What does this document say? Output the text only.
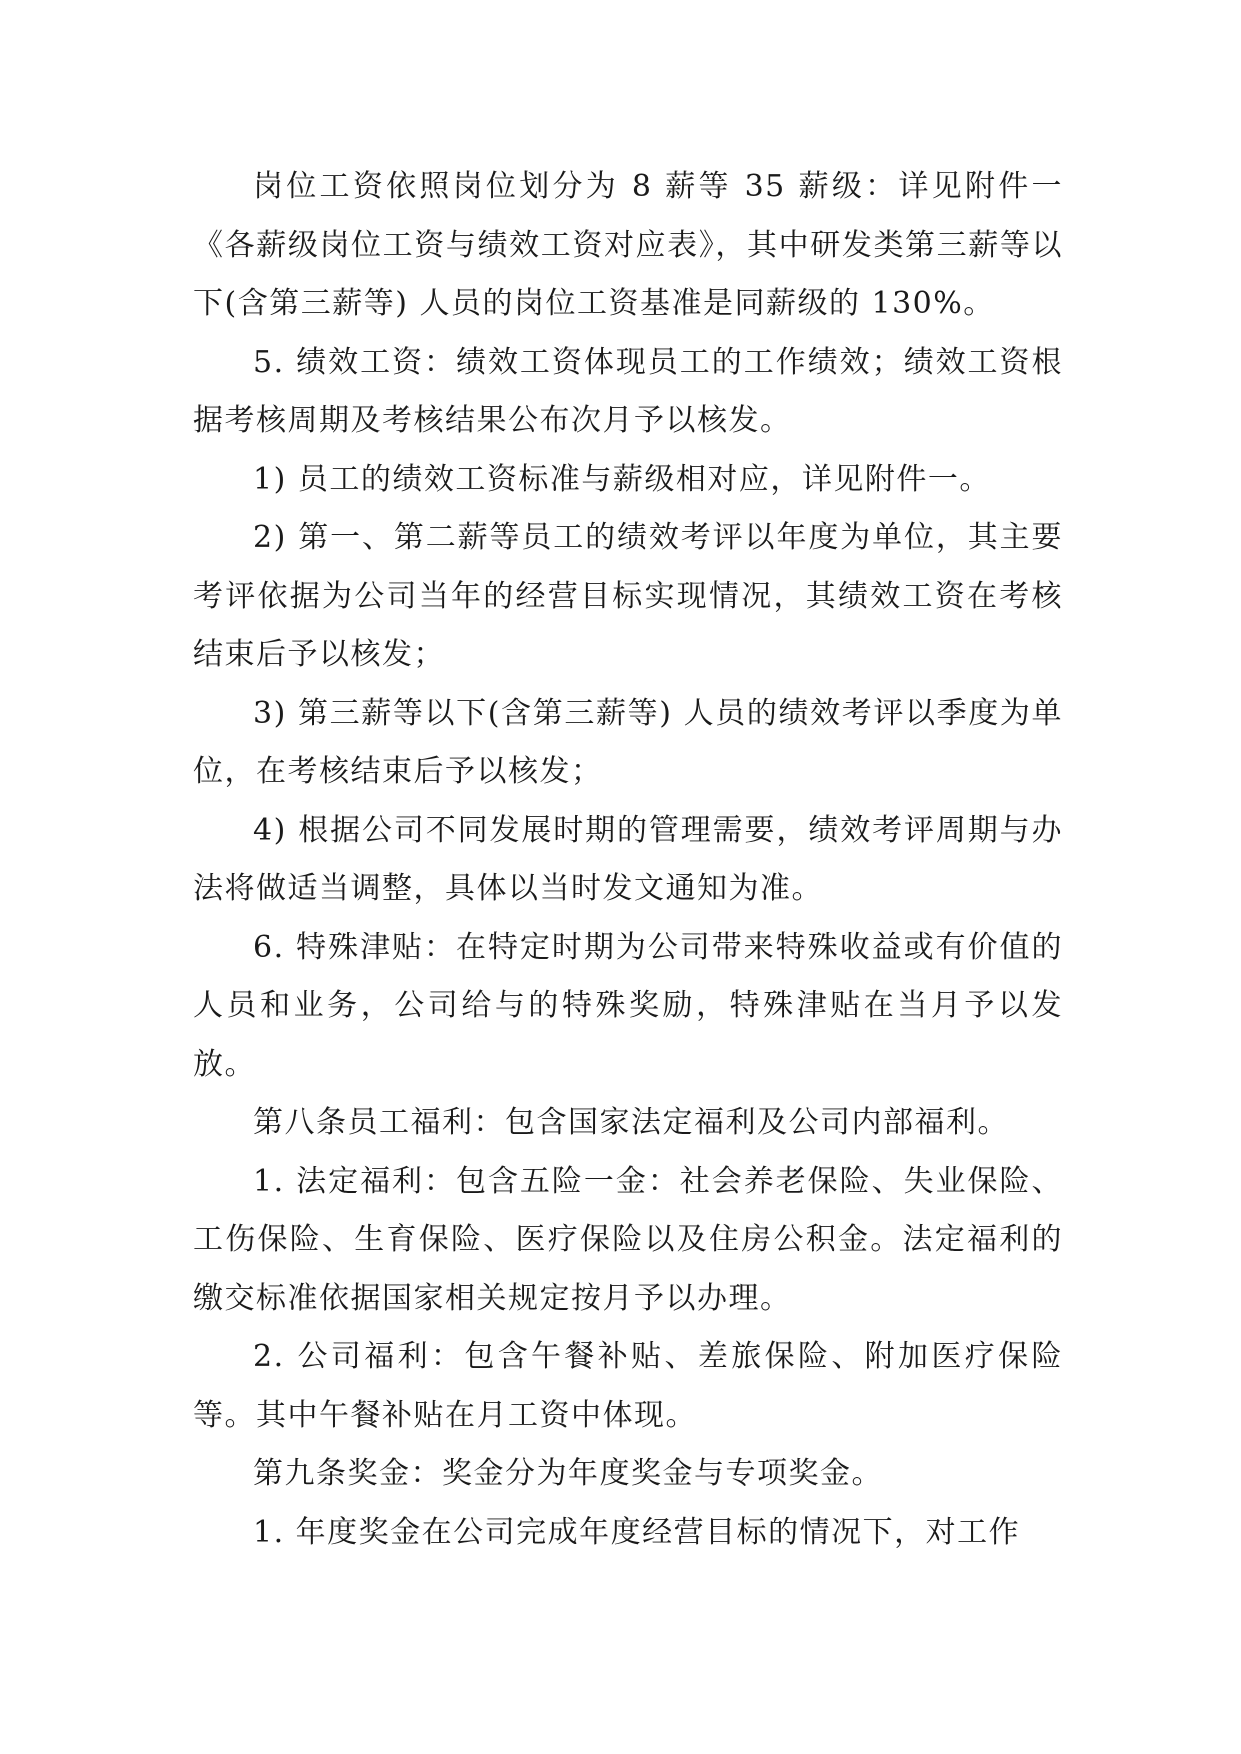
岗位工资依照岗位划分为 8 薪等 35 薪级：详见附件一《各薪级岗位工资与绩效工资对应表》，其中研发类第三薪等以下(含第三薪等) 人员的岗位工资基准是同薪级的 130%。

5. 绩效工资：绩效工资体现员工的工作绩效；绩效工资根据考核周期及考核结果公布次月予以核发。

1) 员工的绩效工资标准与薪级相对应，详见附件一。

2) 第一、第二薪等员工的绩效考评以年度为单位，其主要考评依据为公司当年的经营目标实现情况，其绩效工资在考核结束后予以核发；

3) 第三薪等以下(含第三薪等) 人员的绩效考评以季度为单位，在考核结束后予以核发；

4) 根据公司不同发展时期的管理需要，绩效考评周期与办法将做适当调整，具体以当时发文通知为准。

6. 特殊津贴：在特定时期为公司带来特殊收益或有价值的人员和业务，公司给与的特殊奖励，特殊津贴在当月予以发放。

第八条员工福利：包含国家法定福利及公司内部福利。

1. 法定福利：包含五险一金：社会养老保险、失业保险、工伤保险、生育保险、医疗保险以及住房公积金。法定福利的缴交标准依据国家相关规定按月予以办理。

2. 公司福利：包含午餐补贴、差旅保险、附加医疗保险等。其中午餐补贴在月工资中体现。

第九条奖金：奖金分为年度奖金与专项奖金。

1. 年度奖金在公司完成年度经营目标的情况下，对工作
